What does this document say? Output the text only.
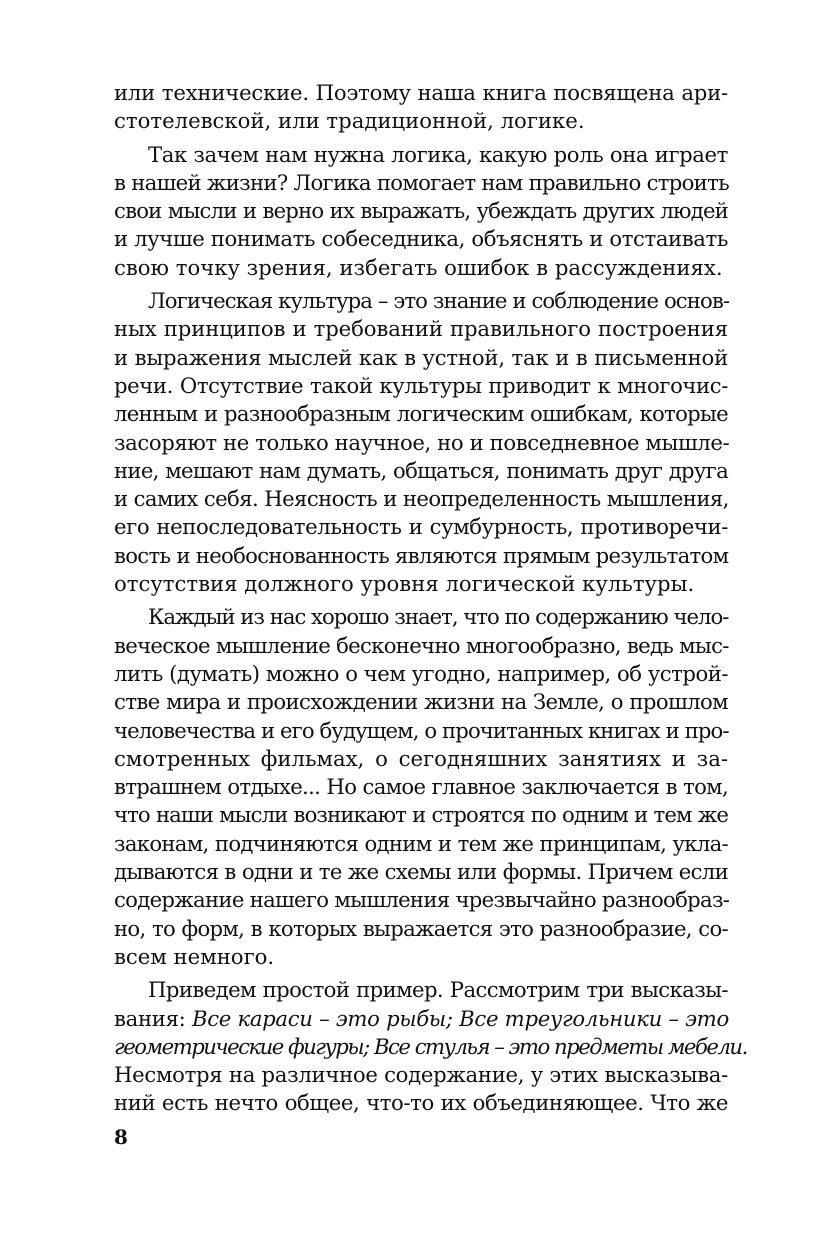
или технические. Поэтому наша книга посвящена ари-
стотелевской, или традиционной, логике.
Так зачем нам нужна логика, какую роль она играет
в нашей жизни? Логика помогает нам правильно строить
свои мысли и верно их выражать, убеждать других людей
и лучше понимать собеседника, объяснять и отстаивать
свою точку зрения, избегать ошибок в рассуждениях.
Логическая культура – это знание и соблюдение основ-
ных принципов и требований правильного построения
и выражения мыслей как в устной, так и в письменной
речи. Отсутствие такой культуры приводит к многочис-
ленным и разнообразным логическим ошибкам, которые
засоряют не только научное, но и повседневное мышле-
ние, мешают нам думать, общаться, понимать друг друга
и самих себя. Неясность и неопределенность мышления,
его непоследовательность и сумбурность, противоречи-
вость и необоснованность являются прямым результатом
отсутствия должного уровня логической культуры.
Каждый из нас хорошо знает, что по содержанию чело-
веческое мышление бесконечно многообразно, ведь мыс-
лить (думать) можно о чем угодно, например, об устрой-
стве мира и происхождении жизни на Земле, о прошлом
человечества и его будущем, о прочитанных книгах и про-
смотренных фильмах, о сегодняшних занятиях и за-
втрашнем отдыхе... Но самое главное заключается в том,
что наши мысли возникают и строятся по одним и тем же
законам, подчиняются одним и тем же принципам, укла-
дываются в одни и те же схемы или формы. Причем если
содержание нашего мышления чрезвычайно разнообраз-
но, то форм, в которых выражается это разнообразие, со-
всем немного.
Приведем простой пример. Рассмотрим три высказы-
вания: Все караси – это рыбы; Все треугольники – это
геометрические фигуры; Все стулья – это предметы мебели.
Несмотря на различное содержание, у этих высказыва-
ний есть нечто общее, что-то их объединяющее. Что же
8
